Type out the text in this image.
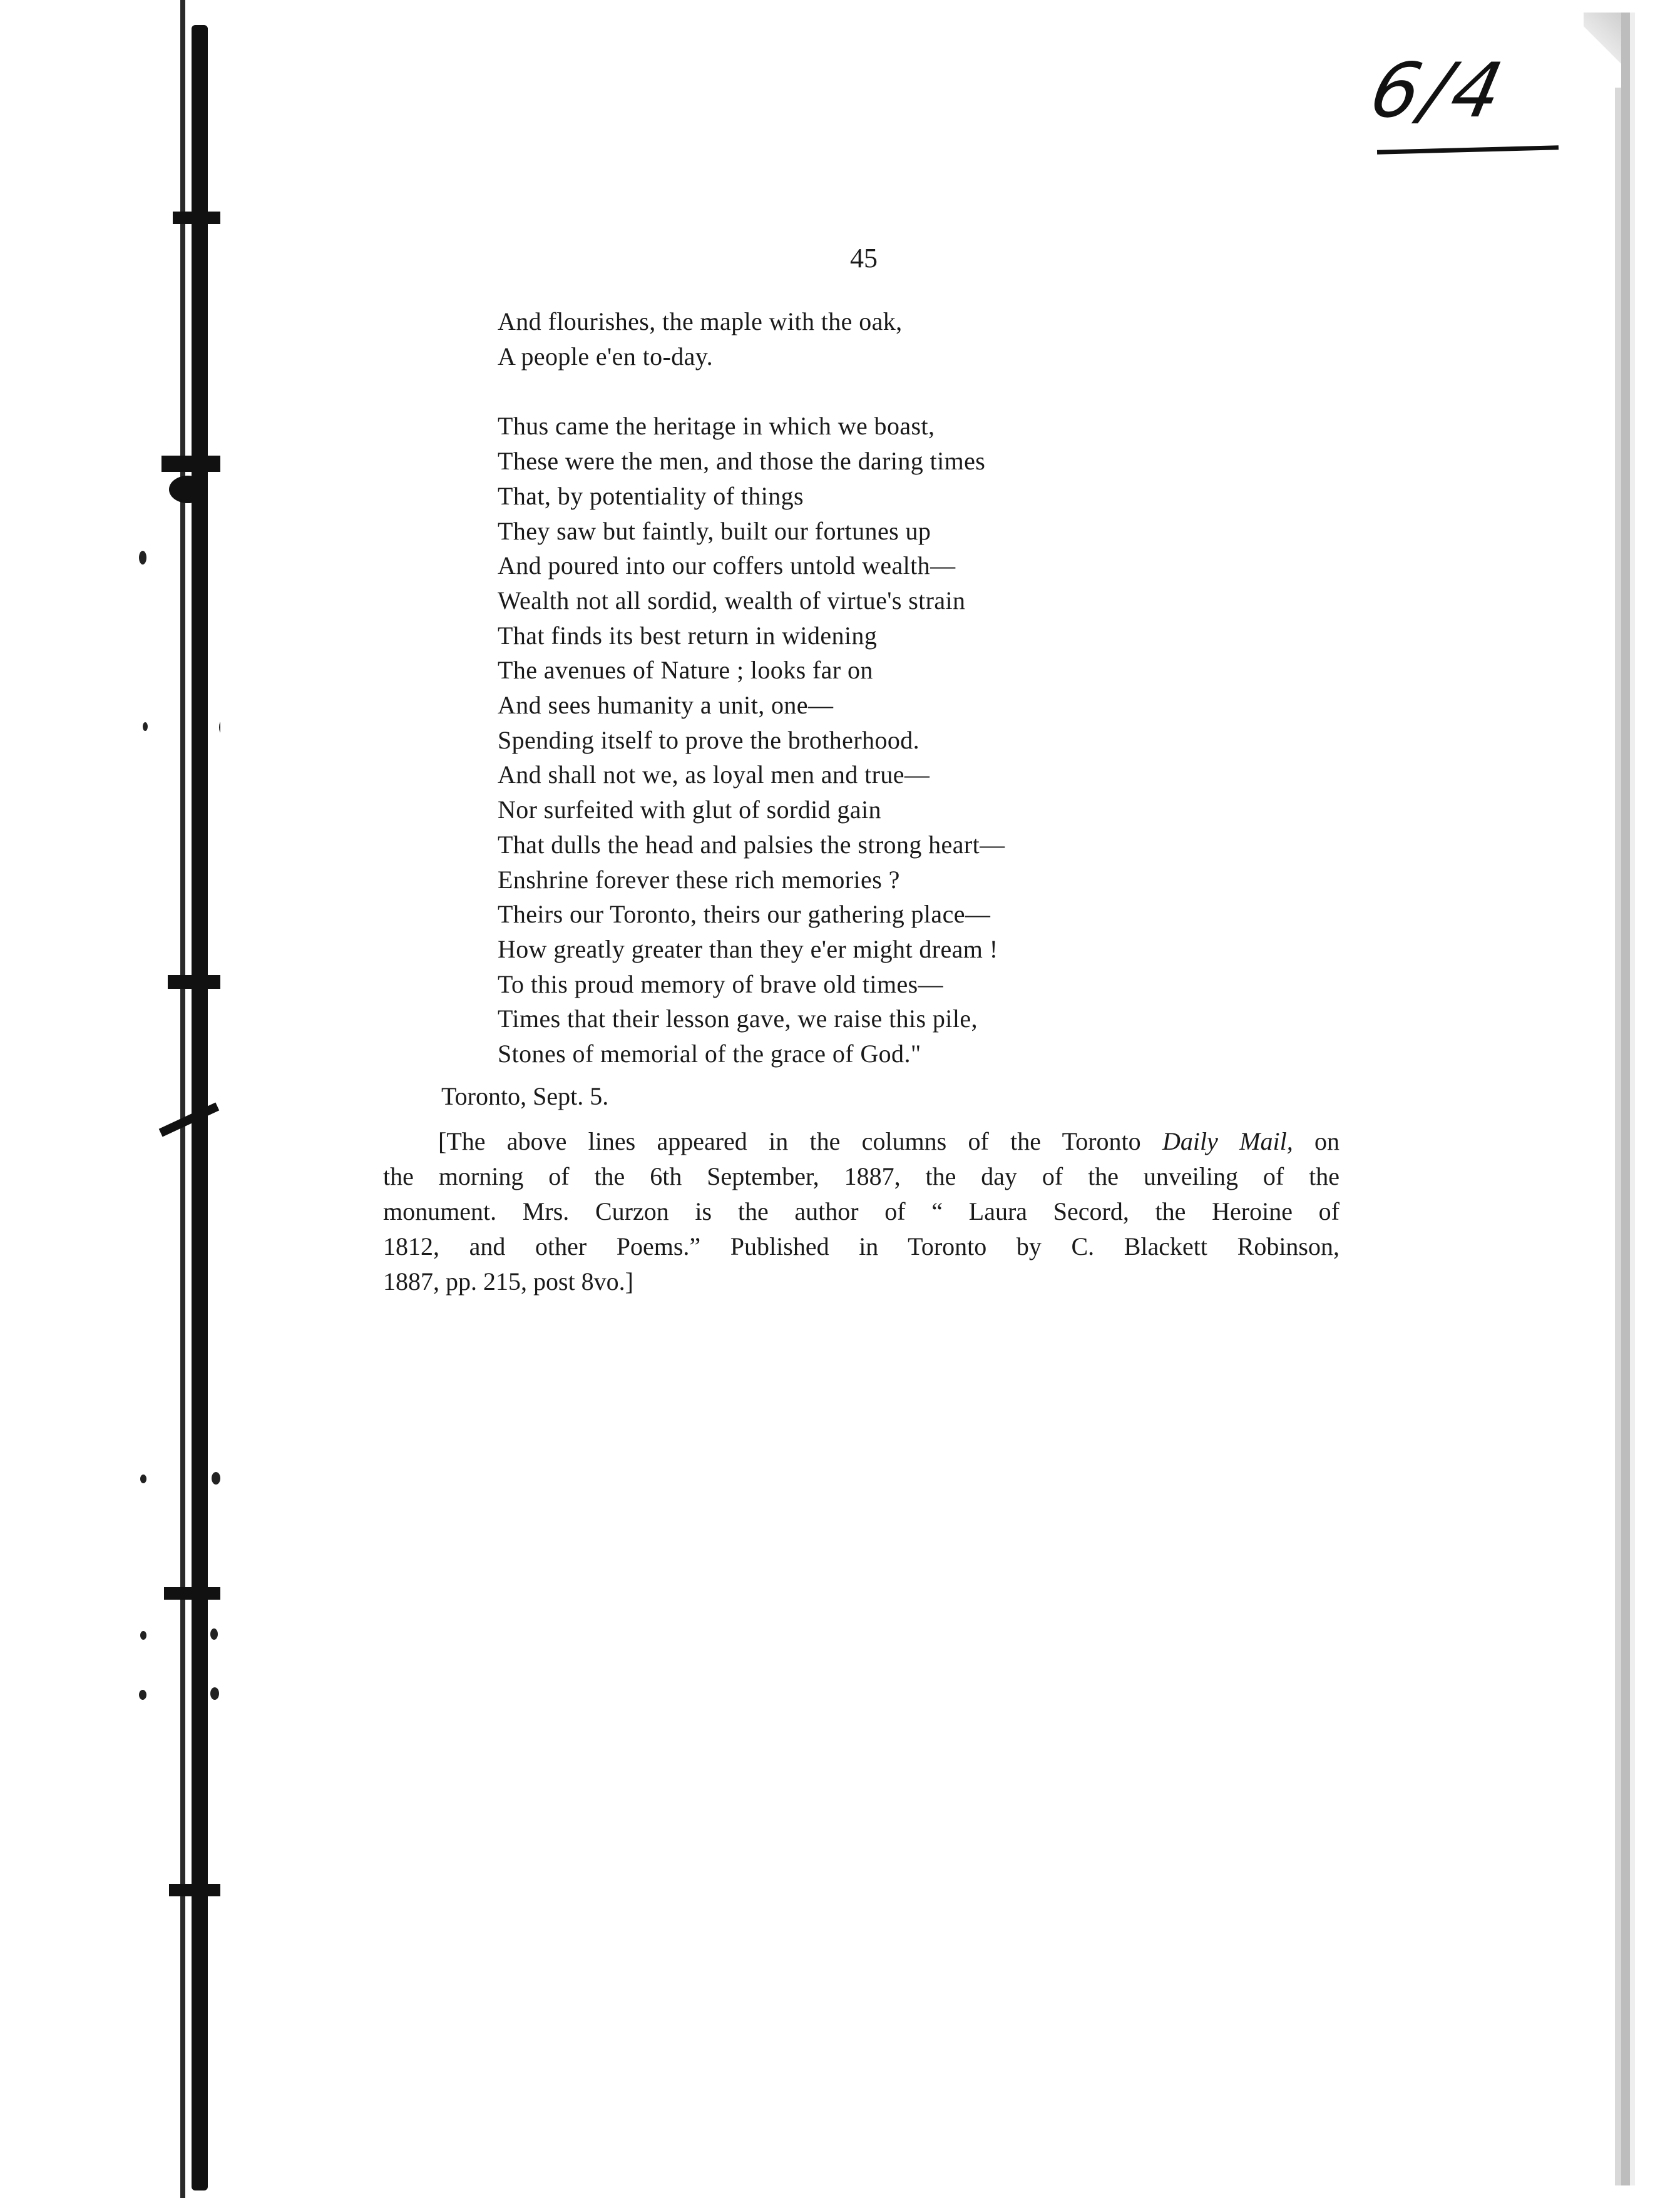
6/4
45
And flourishes, the maple with the oak,
A people e'en to-day.
Thus came the heritage in which we boast,
These were the men, and those the daring times
That, by potentiality of things
They saw but faintly, built our fortunes up
And poured into our coffers untold wealth—
Wealth not all sordid, wealth of virtue's strain
That finds its best return in widening
The avenues of Nature ; looks far on
And sees humanity a unit, one—
Spending itself to prove the brotherhood.
And shall not we, as loyal men and true—
Nor surfeited with glut of sordid gain
That dulls the head and palsies the strong heart—
Enshrine forever these rich memories ?
Theirs our Toronto, theirs our gathering place—
How greatly greater than they e'er might dream !
To this proud memory of brave old times—
Times that their lesson gave, we raise this pile,
Stones of memorial of the grace of God."
Toronto, Sept. 5.
[The above lines appeared in the columns of the Toronto Daily Mail, on
the morning of the 6th September, 1887, the day of the unveiling of the
monument. Mrs. Curzon is the author of “ Laura Secord, the Heroine of
1812, and other Poems.” Published in Toronto by C. Blackett Robinson,
1887, pp. 215, post 8vo.]
